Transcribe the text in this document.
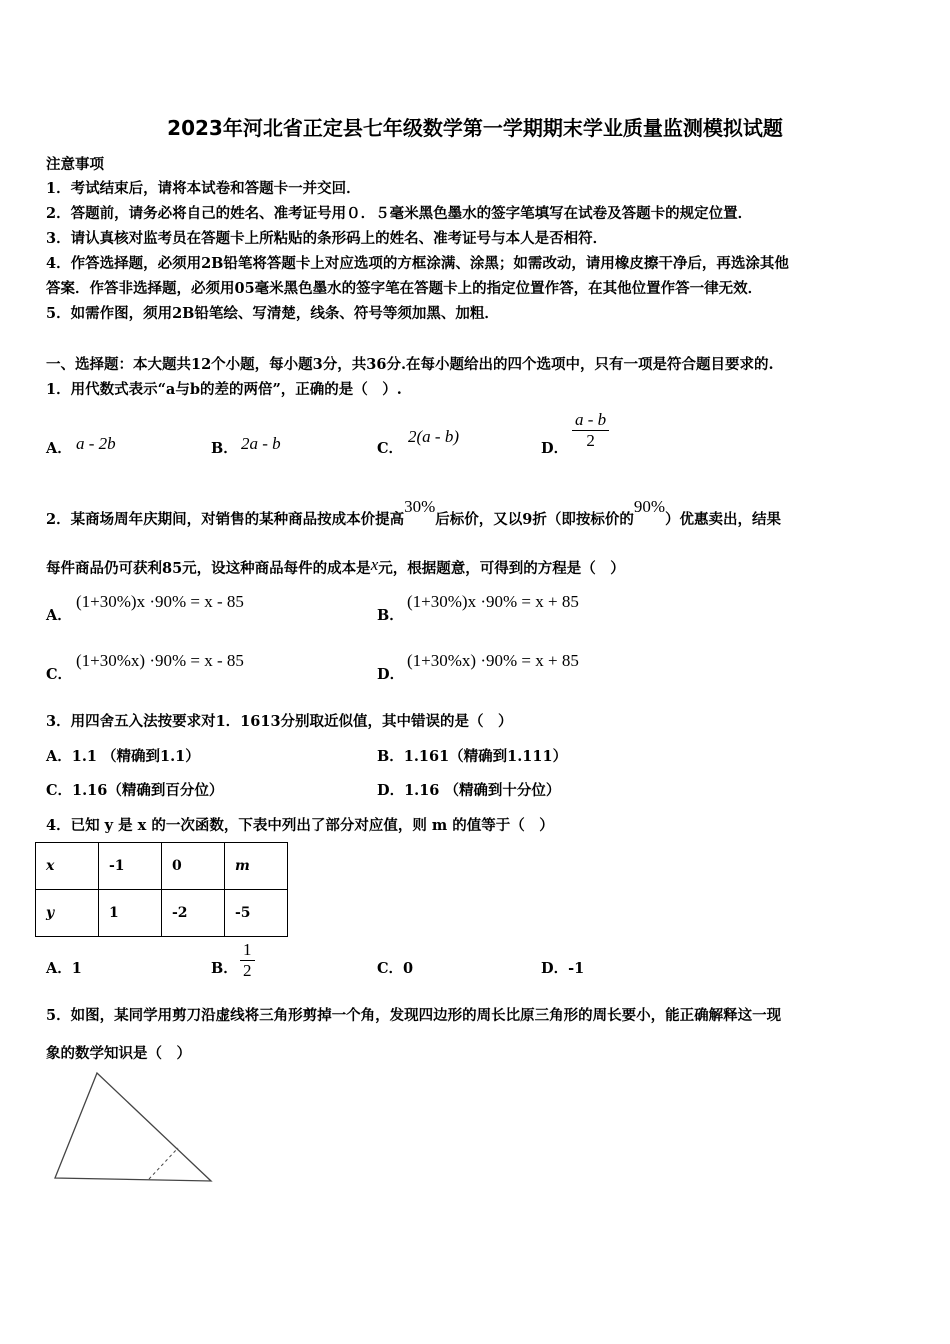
2023年河北省正定县七年级数学第一学期期末学业质量监测模拟试题
注意事项
1．考试结束后，请将本试卷和答题卡一并交回．
2．答题前，请务必将自己的姓名、准考证号用０．５毫米黑色墨水的签字笔填写在试卷及答题卡的规定位置．
3．请认真核对监考员在答题卡上所粘贴的条形码上的姓名、准考证号与本人是否相符．
4．作答选择题，必须用2B铅笔将答题卡上对应选项的方框涂满、涂黑；如需改动，请用橡皮擦干净后，再选涂其他
答案．作答非选择题，必须用05毫米黑色墨水的签字笔在答题卡上的指定位置作答，在其他位置作答一律无效．
5．如需作图，须用2B铅笔绘、写清楚，线条、符号等须加黑、加粗．
一、选择题：本大题共12个小题，每小题3分，共36分.在每小题给出的四个选项中，只有一项是符合题目要求的.
1．用代数式表示“a与b的差的两倍”，正确的是（　）.
A． a - 2b	B． 2a - b	C．
2(a - b)
D． $\frac{a - b}{2}$
2．某商场周年庆期间，对销售的某种商品按成本价提高30%后标价，又以9折（即按标价的90%）优惠卖出，结果
每件商品仍可获利85元，设这种商品每件的成本是x元，根据题意，可得到的方程是（　）
A．
(1+30%)x ·90% = x - 85
B．
(1+30%)x ·90% = x + 85
C．
(1+30%x) ·90% = x - 85
D．
(1+30%x) ·90% = x + 85
3．用四舍五入法按要求对1．1613分别取近似值，其中错误的是（　）
A．1.1 （精确到1.1）	B．1.161（精确到1.111）
C．1.16（精确到百分位）	D．1.16 （精确到十分位）
4．已知 y 是 x 的一次函数，下表中列出了部分对应值，则 m 的值等于（　）
x	-1	0	m
y	1	-2	-5
A．1	B． $\frac{1}{2}$	C．0	D．-1
5．如图，某同学用剪刀沿虚线将三角形剪掉一个角，发现四边形的周长比原三角形的周长要小，能正确解释这一现
象的数学知识是（　）
